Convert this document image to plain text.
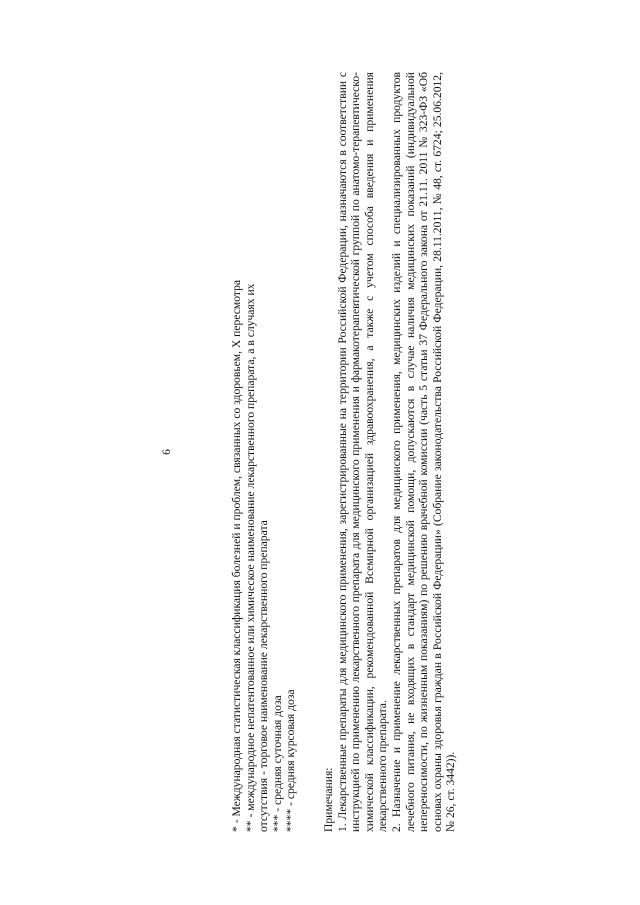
6	* - Международная статистическая классификация болезней и проблем, связанных со здоровьем, X пересмотра ** - международное непатентованное или химическое наименование лекарственного препарата, а в случаях их отсутствия - торговое наименование лекарственного препарата *** - средняя суточная доза **** - средняя курсовая доза Примечания: 1. Лекарственные препараты для медицинского применения, зарегистрированные на территории Российской Федерации, назначаются в соответствии с инструкцией по применению лекарственного препарата для медицинского применения и фармакотерапевтической группой по анатомо-терапевтическо-химической классификации, рекомендованной Всемирной организацией здравоохранения, а также с учетом способа введения и применения лекарственного препарата. 2. Назначение и применение лекарственных препаратов для медицинского применения, медицинских изделий и специализированных продуктов лечебного питания, не входящих в стандарт медицинской помощи, допускаются в случае наличия медицинских показаний (индивидуальной непереносимости, по жизненным показаниям) по решению врачебной комиссии (часть 5 статьи 37 Федерального закона от 21.11. 2011 № 323-ФЗ «Об основах охраны здоровья граждан в Российской Федерации» (Собрание законодательства Российской Федерации, 28.11.2011, № 48, ст. 6724; 25.06.2012, № 26, ст. 3442)).
